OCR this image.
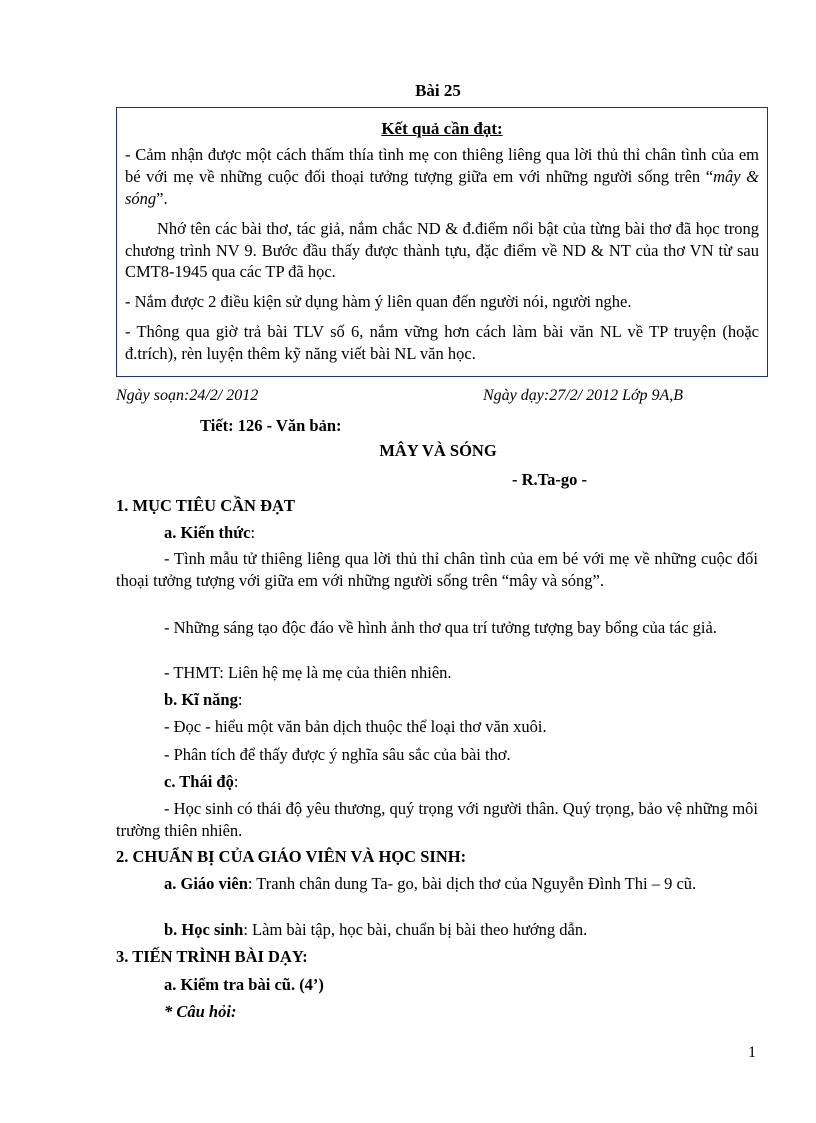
Bài 25
Kết quả cần đạt:
- Cảm nhận được một cách thấm thía tình mẹ con thiêng liêng qua lời thủ thỉ chân tình của em bé với mẹ về những cuộc đối thoại tưởng tượng giữa em với những người sống trên “mây & sóng”.
Nhớ tên các bài thơ, tác giả, nắm chắc ND & đ.điểm nổi bật của từng bài thơ đã học trong chương trình NV 9. Bước đầu thấy được thành tựu, đặc điểm về ND & NT của thơ VN từ sau CMT8-1945 qua các TP đã học.
- Nắm được 2 điều kiện sử dụng hàm ý liên quan đến người nói, người nghe.
- Thông qua giờ trả bài TLV số 6, nắm vững hơn cách làm bài văn NL về TP truyện (hoặc đ.trích), rèn luyện thêm kỹ năng viết bài NL văn học.
Ngày soạn:24/2/ 2012	Ngày dạy:27/2/ 2012 Lớp 9A,B
Tiết: 126 - Văn bản:
MÂY VÀ SÓNG
- R.Ta-go -
1. MỤC TIÊU CẦN ĐẠT
a. Kiến thức:
- Tình mẫu tử thiêng liêng qua lời thủ thỉ chân tình của em bé với mẹ về những cuộc đối thoại tưởng tượng với giữa em với những người sống trên “mây và sóng”.
- Những sáng tạo độc đáo về hình ảnh thơ qua trí tưởng tượng bay bổng của tác giả.
- THMT: Liên hệ mẹ là mẹ của thiên nhiên.
b. Kĩ năng:
- Đọc - hiểu một văn bản dịch thuộc thể loại thơ văn xuôi.
- Phân tích để thấy được ý nghĩa sâu sắc của bài thơ.
c. Thái độ:
- Học sinh có thái độ yêu thương, quý trọng với người thân. Quý trọng, bảo vệ những môi trường thiên nhiên.
2. CHUẨN BỊ CỦA GIÁO VIÊN VÀ HỌC SINH:
a. Giáo viên: Tranh chân dung Ta- go, bài dịch thơ của Nguyễn Đình Thi – 9 cũ.
b. Học sinh: Làm bài tập, học bài, chuẩn bị bài theo hướng dẫn.
3. TIẾN TRÌNH BÀI DẠY:
a. Kiểm tra bài cũ. (4’)
* Câu hỏi:
1
